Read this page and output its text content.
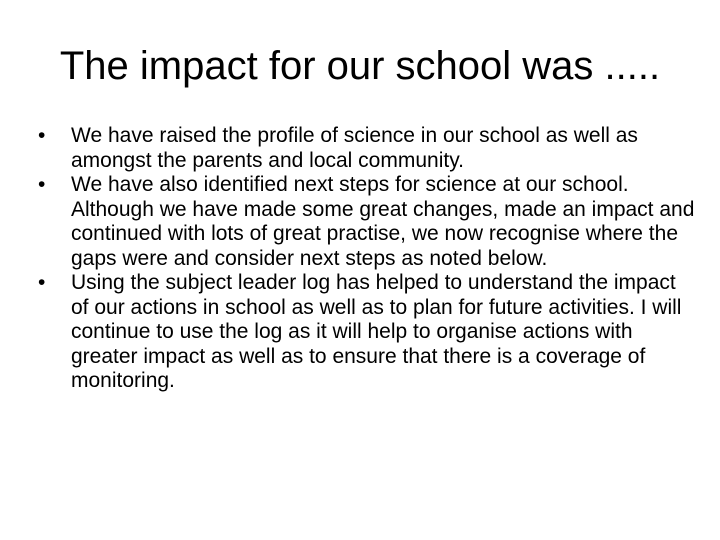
The impact for our school was .....
• We have raised the profile of science in our school as well as amongst the parents and local community.
• We have also identified next steps for science at our school. Although we have made some great changes, made an impact and continued with lots of great practise, we now recognise where the gaps were and consider next steps as noted below.
• Using the subject leader log has helped to understand the impact of our actions in school as well as to plan for future activities. I will continue to use the log as it will help to organise actions with greater impact as well as to ensure that there is a coverage of monitoring.
